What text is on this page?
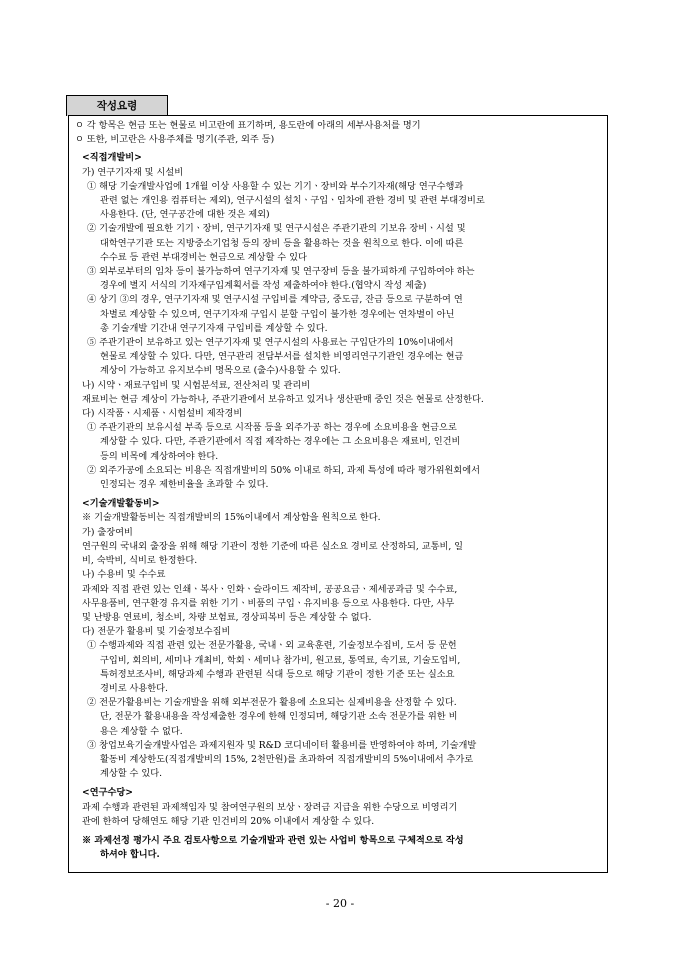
작성요령

ㅇ 각 항목은 현금 또는 현물로 비고란에 표기하며, 용도란에 아래의 세부사용처를 명기

ㅇ 또한, 비고란은 사용주체를 명기(주관, 외주 등)

<직접개발비>

가) 연구기자재 및 시설비

① 해당 기술개발사업에 1개월 이상 사용할 수 있는 기기ㆍ장비와 부수기자재(해당 연구수행과

관련 없는 개인용 컴퓨터는 제외), 연구시설의 설치ㆍ구입ㆍ임차에 관한 경비 및 관련 부대경비로

사용한다. (단, 연구공간에 대한 것은 제외)

② 기술개발에 필요한 기기ㆍ장비, 연구기자재 및 연구시설은 주관기관의 기보유 장비ㆍ시설 및

대학연구기관 또는 지방중소기업청 등의 장비 등을 활용하는 것을 원칙으로 한다. 이에 따른

수수료 등 관련 부대경비는 현금으로 계상할 수 있다

③ 외부로부터의 임차 등이 불가능하여 연구기자재 및 연구장비 등을 불가피하게 구입하여야 하는

경우에 별지 서식의 기자재구입계획서를 작성 제출하여야 한다.(협약시 작성 제출)

④ 상기 ③의 경우, 연구기자재 및 연구시설 구입비를 계약금, 중도금, 잔금 등으로 구분하여 연

차별로 계상할 수 있으며, 연구기자재 구입시 분할 구입이 불가한 경우에는 연차별이 아닌

총 기술개발 기간내 연구기자재 구입비를 계상할 수 있다.

⑤ 주관기관이 보유하고 있는 연구기자재 및 연구시설의 사용료는 구입단가의 10%이내에서

현물로 계상할 수 있다. 다만, 연구관리 전담부서를 설치한 비영리연구기관인 경우에는 현금

계상이 가능하고 유지보수비 명목으로 (출수)사용할 수 있다.

나) 시약ㆍ재료구입비 및 시험분석료, 전산처리 및 관리비

재료비는 현금 계상이 가능하나, 주관기관에서 보유하고 있거나 생산판매 중인 것은 현물로 산정한다.

다) 시작품ㆍ시제품ㆍ시험설비 제작경비

① 주관기관의 보유시설 부족 등으로 시작품 등을 외주가공 하는 경우에 소요비용을 현금으로

계상할 수 있다. 다만, 주관기관에서 직접 제작하는 경우에는 그 소요비용은 재료비, 인건비

등의 비목에 계상하여야 한다.

② 외주가공에 소요되는 비용은 직접개발비의 50% 이내로 하되, 과제 특성에 따라 평가위원회에서

인정되는 경우 제한비율을 초과할 수 있다.

<기술개발활동비>

※ 기술개발활동비는 직접개발비의 15%이내에서 계상함을 원칙으로 한다.

가) 출장여비

연구원의 국내외 출장을 위해 해당 기관이 정한 기준에 따른 실소요 경비로 산정하되, 교통비, 일

비, 숙박비, 식비로 한정한다.

나) 수용비 및 수수료

과제와 직접 관련 있는 인쇄ㆍ복사ㆍ인화ㆍ슬라이드 제작비, 공공요금ㆍ제세공과금 및 수수료,

사무용품비, 연구환경 유지를 위한 기기ㆍ비품의 구입ㆍ유지비용 등으로 사용한다. 다만, 사무

및 난방용 연료비, 청소비, 차량 보험료, 경상피복비 등은 계상할 수 없다.

다) 전문가 활용비 및 기술정보수집비

① 수행과제와 직접 관련 있는 전문가활용, 국내ㆍ외 교육훈련, 기술정보수집비, 도서 등 문헌

구입비, 회의비, 세미나 개최비, 학회ㆍ세미나 참가비, 원고료, 통역료, 속기료, 기술도입비,

특허정보조사비, 해당과제 수행과 관련된 식대 등으로 해당 기관이 정한 기준 또는 실소요

경비로 사용한다.

② 전문가활용비는 기술개발을 위해 외부전문가 활용에 소요되는 실제비용을 산정할 수 있다.

단, 전문가 활용내용을 작성제출한 경우에 한해 인정되며, 해당기관 소속 전문가를 위한 비

용은 계상할 수 없다.

③ 창업보육기술개발사업은 과제지원자 및 R&D 코디네이터 활용비를 반영하여야 하며, 기술개발

활동비 계상한도(직접개발비의 15%, 2천만원)를 초과하여 직접개발비의 5%이내에서 추가로

계상할 수 있다.

<연구수당>

과제 수행과 관련된 과제책임자 및 참여연구원의 보상ㆍ장려금 지급을 위한 수당으로 비영리기

관에 한하여 당해연도 해당 기관 인건비의 20% 이내에서 계상할 수 있다.

※ 과제선정 평가시 주요 검토사항으로 기술개발과 관련 있는 사업비 항목으로 구체적으로 작성

하셔야 합니다.

- 20 -
